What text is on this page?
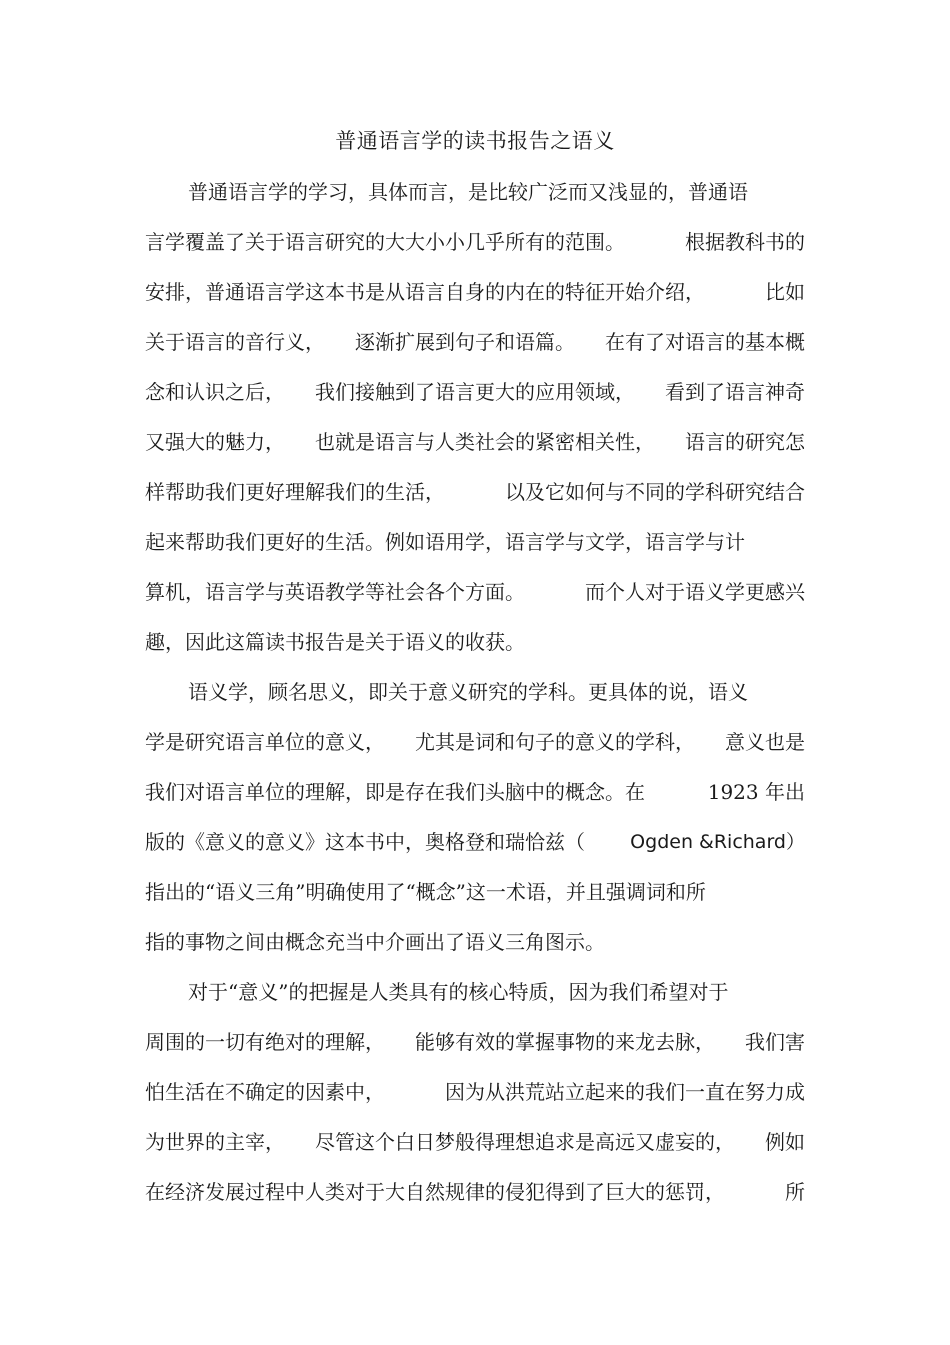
普通语言学的读书报告之语义
普通语言学的学习，具体而言，是比较广泛而又浅显的，普通语
言学覆盖了关于语言研究的大大小小几乎所有的范围。	根据教科书的
安排，普通语言学这本书是从语言自身的内在的特征开始介绍，	比如
关于语言的音行义， 逐渐扩展到句子和语篇。 在有了对语言的基本概
念和认识之后， 我们接触到了语言更大的应用领域， 看到了语言神奇
又强大的魅力， 也就是语言与人类社会的紧密相关性， 语言的研究怎
样帮助我们更好理解我们的生活，	以及它如何与不同的学科研究结合
起来帮助我们更好的生活。例如语用学，语言学与文学，语言学与计
算机，语言学与英语教学等社会各个方面。	而个人对于语义学更感兴
趣，因此这篇读书报告是关于语义的收获。
语义学，顾名思义，即关于意义研究的学科。更具体的说，语义
学是研究语言单位的意义， 尤其是词和句子的意义的学科， 意义也是
我们对语言单位的理解，即是存在我们头脑中的概念。在	1923 年出
版的《意义的意义》这本书中，奥格登和瑞恰兹（ Ogden &Richard）
指出的“语义三角”明确使用了“概念”这一术语，并且强调词和所
指的事物之间由概念充当中介画出了语义三角图示。
对于“意义”的把握是人类具有的核心特质，因为我们希望对于
周围的一切有绝对的理解， 能够有效的掌握事物的来龙去脉， 我们害
怕生活在不确定的因素中，	因为从洪荒站立起来的我们一直在努力成
为世界的主宰， 尽管这个白日梦般得理想追求是高远又虚妄的， 例如
在经济发展过程中人类对于大自然规律的侵犯得到了巨大的惩罚，	所
